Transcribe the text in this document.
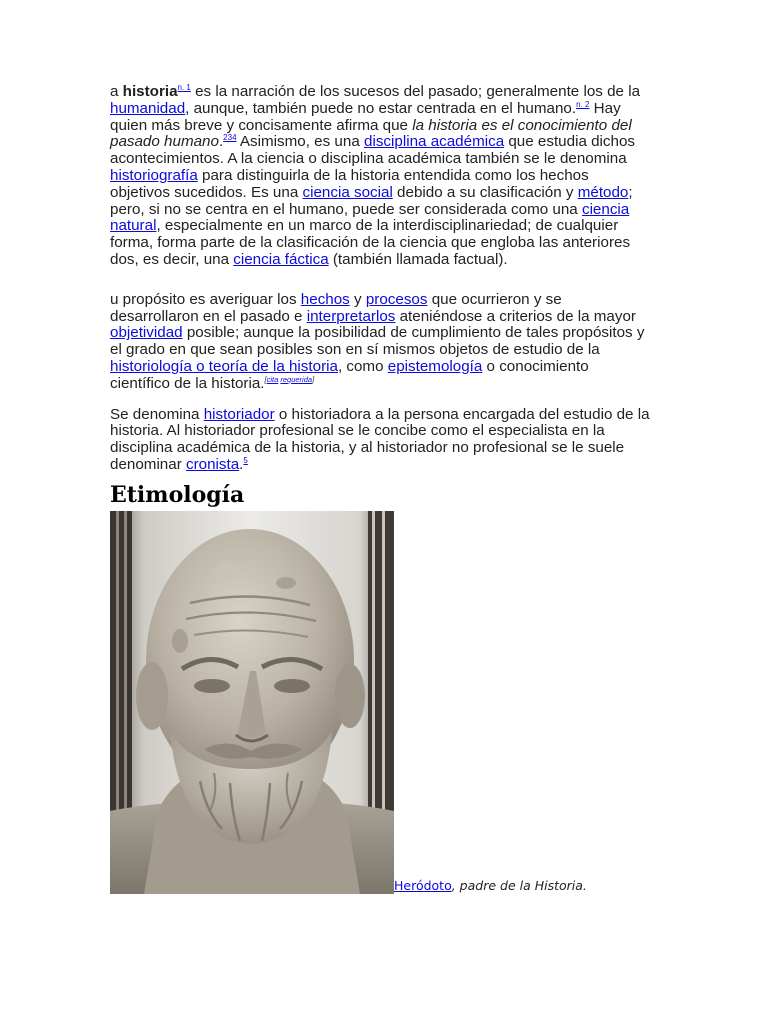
a historia$^{n. 1}$ es la narración de los sucesos del pasado; generalmente los de la humanidad, aunque, también puede no estar centrada en el humano.$^{n. 2}$ Hay quien más breve y concisamente afirma que la historia es el conocimiento del pasado humano.$^{234}$ Asimismo, es una disciplina académica que estudia dichos acontecimientos. A la ciencia o disciplina académica también se le denomina historiografía para distinguirla de la historia entendida como los hechos objetivos sucedidos. Es una ciencia social debido a su clasificación y método; pero, si no se centra en el humano, puede ser considerada como una ciencia natural, especialmente en un marco de la interdisciplinariedad; de cualquier forma, forma parte de la clasificación de la ciencia que engloba las anteriores dos, es decir, una ciencia fáctica (también llamada factual).

u propósito es averiguar los hechos y procesos que ocurrieron y se desarrollaron en el pasado e interpretarlos ateniéndose a criterios de la mayor objetividad posible; aunque la posibilidad de cumplimiento de tales propósitos y el grado en que sean posibles son en sí mismos objetos de estudio de la historiología o teoría de la historia, como epistemología o conocimiento científico de la historia.[cita requerida]

Se denomina historiador o historiadora a la persona encargada del estudio de la historia. Al historiador profesional se le concibe como el especialista en la disciplina académica de la historia, y al historiador no profesional se le suele denominar cronista.$^5$

Etimología
Heródoto, padre de la Historia.
